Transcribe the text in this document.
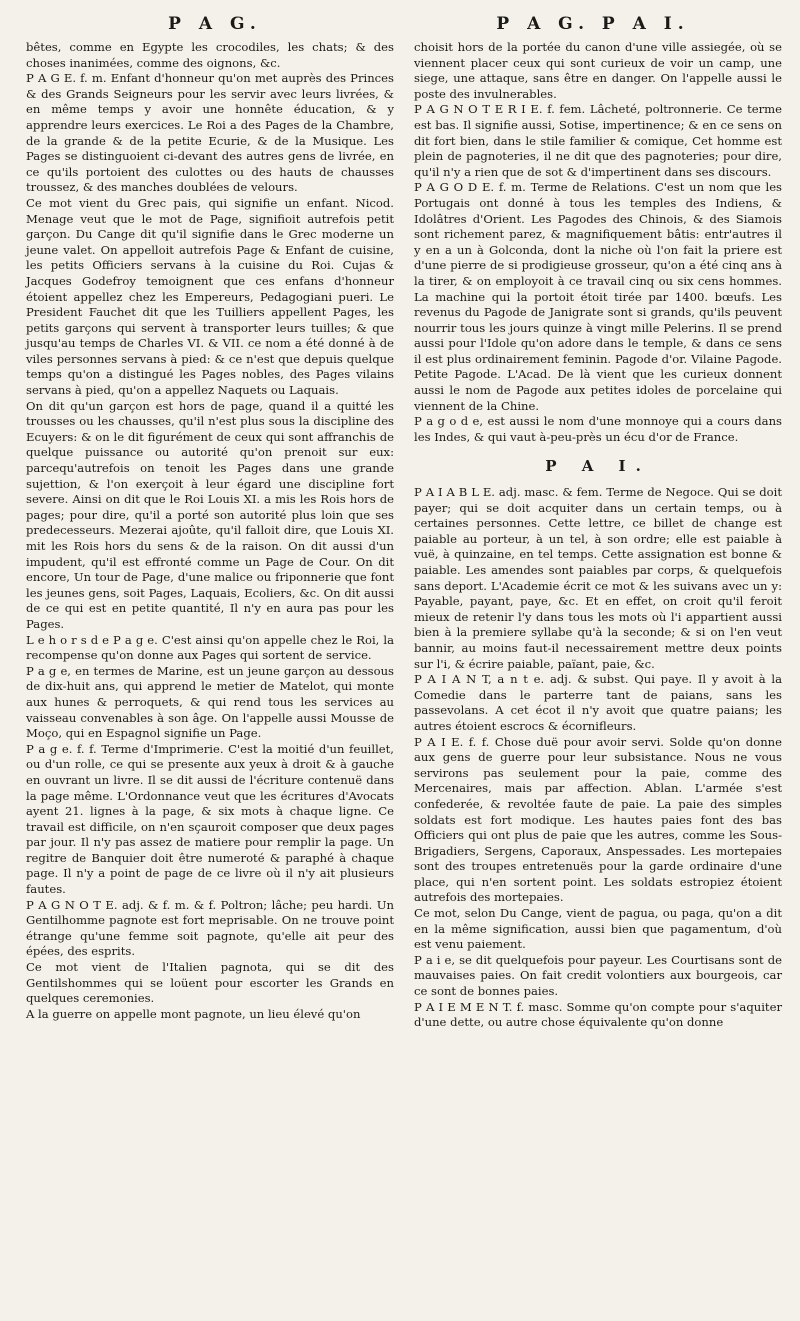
P A G.	P A G. P A I.

bêtes, comme en Egypte les crocodiles, les chats; & des choses inanimées, comme des oignons, &c.

P A G E. f. m. Enfant d'honneur qu'on met auprès des Princes & des Grands Seigneurs pour les servir avec leurs livrées, & en même temps y avoir une honnête éducation, & y apprendre leurs exercices. Le Roi a des Pages de la Chambre, de la grande & de la petite Ecurie, & de la Musique. Les Pages se distinguoient ci-devant des autres gens de livrée, en ce qu'ils portoient des culottes ou des hauts de chausses troussez, & des manches doublées de velours.

Ce mot vient du Grec pais, qui signifie un enfant. Nicod. Menage veut que le mot de Page, signifioit autrefois petit garçon. Du Cange dit qu'il signifie dans le Grec moderne un jeune valet. On appelloit autrefois Page & Enfant de cuisine, les petits Officiers servans à la cuisine du Roi. Cujas & Jacques Godefroy temoignent que ces enfans d'honneur étoient appellez chez les Empereurs, Pedagogiani pueri. Le President Fauchet dit que les Tuilliers appellent Pages, les petits garçons qui servent à transporter leurs tuilles; & que jusqu'au temps de Charles VI. & VII. ce nom a été donné à de viles personnes servans à pied: & ce n'est que depuis quelque temps qu'on a distingué les Pages nobles, des Pages vilains servans à pied, qu'on a appellez Naquets ou Laquais.

On dit qu'un garçon est hors de page, quand il a quitté les trousses ou les chausses, qu'il n'est plus sous la discipline des Ecuyers: & on le dit figurément de ceux qui sont affranchis de quelque puissance ou autorité qu'on prenoit sur eux: parcequ'autrefois on tenoit les Pages dans une grande sujettion, & l'on exerçoit à leur égard une discipline fort severe. Ainsi on dit que le Roi Louis XI. a mis les Rois hors de pages; pour dire, qu'il a porté son autorité plus loin que ses predecesseurs. Mezerai ajoûte, qu'il falloit dire, que Louis XI. mit les Rois hors du sens & de la raison. On dit aussi d'un impudent, qu'il est effronté comme un Page de Cour. On dit encore, Un tour de Page, d'une malice ou friponnerie que font les jeunes gens, soit Pages, Laquais, Ecoliers, &c. On dit aussi de ce qui est en petite quantité, Il n'y en aura pas pour les Pages.

L e h o r s d e P a g e. C'est ainsi qu'on appelle chez le Roi, la recompense qu'on donne aux Pages qui sortent de service.

P a g e, en termes de Marine, est un jeune garçon au dessous de dix-huit ans, qui apprend le metier de Matelot, qui monte aux hunes & perroquets, & qui rend tous les services au vaisseau convenables à son âge. On l'appelle aussi Mousse de Moço, qui en Espagnol signifie un Page.

P a g e. f. f. Terme d'Imprimerie. C'est la moitié d'un feuillet, ou d'un rolle, ce qui se presente aux yeux à droit & à gauche en ouvrant un livre. Il se dit aussi de l'écriture contenuë dans la page même. L'Ordonnance veut que les écritures d'Avocats ayent 21. lignes à la page, & six mots à chaque ligne. Ce travail est difficile, on n'en sçauroit composer que deux pages par jour. Il n'y pas assez de matiere pour remplir la page. Un regitre de Banquier doit être numeroté & paraphé à chaque page. Il n'y a point de page de ce livre où il n'y ait plusieurs fautes.

P A G N O T E. adj. & f. m. & f. Poltron; lâche; peu hardi. Un Gentilhomme pagnote est fort meprisable. On ne trouve point étrange qu'une femme soit pagnote, qu'elle ait peur des épées, des esprits.

Ce mot vient de l'Italien pagnota, qui se dit des Gentilshommes qui se loüent pour escorter les Grands en quelques ceremonies.

A la guerre on appelle mont pagnote, un lieu élevé qu'on

choisit hors de la portée du canon d'une ville assiegée, où se viennent placer ceux qui sont curieux de voir un camp, une siege, une attaque, sans être en danger. On l'appelle aussi le poste des invulnerables.

P A G N O T E R I E. f. fem. Lâcheté, poltronnerie. Ce terme est bas. Il signifie aussi, Sotise, impertinence; & en ce sens on dit fort bien, dans le stile familier & comique, Cet homme est plein de pagnoteries, il ne dit que des pagnoteries; pour dire, qu'il n'y a rien que de sot & d'impertinent dans ses discours.

P A G O D E. f. m. Terme de Relations. C'est un nom que les Portugais ont donné à tous les temples des Indiens, & Idolâtres d'Orient. Les Pagodes des Chinois, & des Siamois sont richement parez, & magnifiquement bâtis: entr'autres il y en a un à Golconda, dont la niche où l'on fait la priere est d'une pierre de si prodigieuse grosseur, qu'on a été cinq ans à la tirer, & on employoit à ce travail cinq ou six cens hommes. La machine qui la portoit étoit tirée par 1400. bœufs. Les revenus du Pagode de Janigrate sont si grands, qu'ils peuvent nourrir tous les jours quinze à vingt mille Pelerins. Il se prend aussi pour l'Idole qu'on adore dans le temple, & dans ce sens il est plus ordinairement feminin. Pagode d'or. Vilaine Pagode. Petite Pagode. L'Acad. De là vient que les curieux donnent aussi le nom de Pagode aux petites idoles de porcelaine qui viennent de la Chine.

P a g o d e, est aussi le nom d'une monnoye qui a cours dans les Indes, & qui vaut à-peu-près un écu d'or de France.

P A I.

P A I A B L E. adj. masc. & fem. Terme de Negoce. Qui se doit payer; qui se doit acquiter dans un certain temps, ou à certaines personnes. Cette lettre, ce billet de change est paiable au porteur, à un tel, à son ordre; elle est paiable à vuë, à quinzaine, en tel temps. Cette assignation est bonne & paiable. Les amendes sont paiables par corps, & quelquefois sans deport. L'Academie écrit ce mot & les suivans avec un y: Payable, payant, paye, &c. Et en effet, on croit qu'il feroit mieux de retenir l'y dans tous les mots où l'i appartient aussi bien à la premiere syllabe qu'à la seconde; & si on l'en veut bannir, au moins faut-il necessairement mettre deux points sur l'i, & écrire paiable, païant, paie, &c.

P A I A N T, a n t e. adj. & subst. Qui paye. Il y avoit à la Comedie dans le parterre tant de paians, sans les passevolans. A cet écot il n'y avoit que quatre paians; les autres étoient escrocs & écornifleurs.

P A I E. f. f. Chose duë pour avoir servi. Solde qu'on donne aux gens de guerre pour leur subsistance. Nous ne vous servirons pas seulement pour la paie, comme des Mercenaires, mais par affection. Ablan. L'armée s'est confederée, & revoltée faute de paie. La paie des simples soldats est fort modique. Les hautes paies font des bas Officiers qui ont plus de paie que les autres, comme les Sous-Brigadiers, Sergens, Caporaux, Anspessades. Les mortepaies sont des troupes entretenuës pour la garde ordinaire d'une place, qui n'en sortent point. Les soldats estropiez étoient autrefois des mortepaies.

Ce mot, selon Du Cange, vient de pagua, ou paga, qu'on a dit en la même signification, aussi bien que pagamentum, d'où est venu paiement.

P a i e, se dit quelquefois pour payeur. Les Courtisans sont de mauvaises paies. On fait credit volontiers aux bourgeois, car ce sont de bonnes paies.

P A I E M E N T. f. masc. Somme qu'on compte pour s'aquiter d'une dette, ou autre chose équivalente qu'on donne
